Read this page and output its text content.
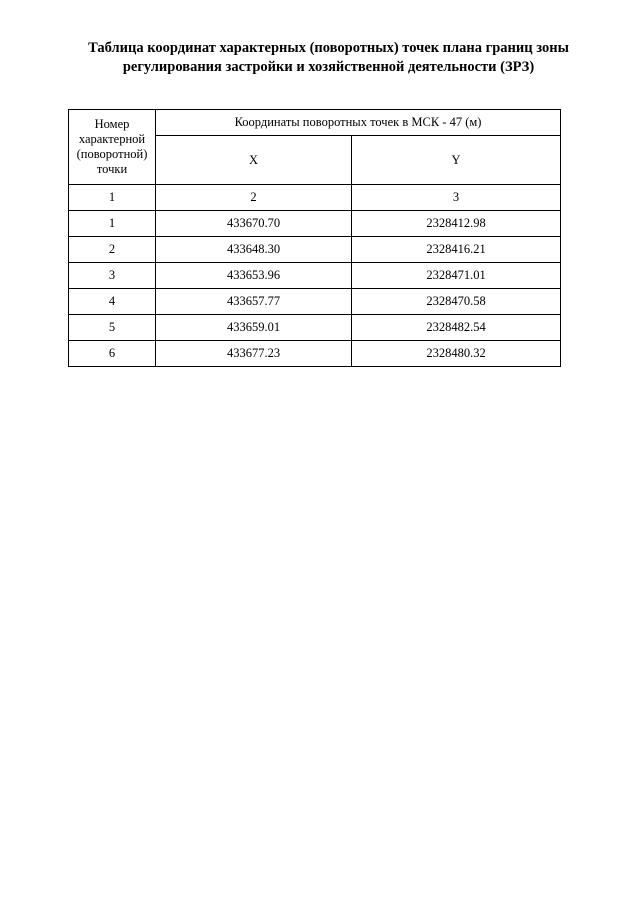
Таблица координат характерных (поворотных) точек плана границ зоны
регулирования застройки и хозяйственной деятельности (ЗРЗ)
Номер
характерной
(поворотной)
точки	Координаты поворотных точек в МСК - 47 (м)	
	X	Y
1	2	3
1	433670.70	2328412.98
2	433648.30	2328416.21
3	433653.96	2328471.01
4	433657.77	2328470.58
5	433659.01	2328482.54
6	433677.23	2328480.32
